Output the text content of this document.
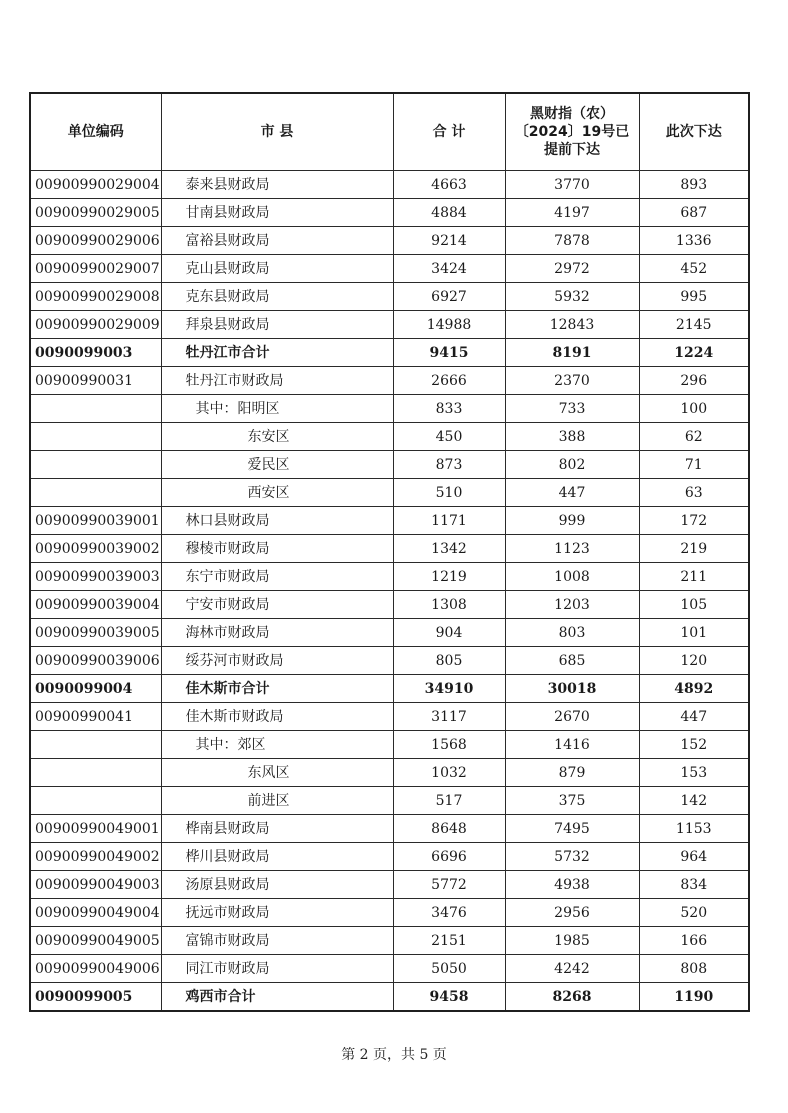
单位编码	市 县	合 计	黑财指（农）〔2024〕19号已提前下达	此次下达
00900990029004	泰来县财政局	4663	3770	893
00900990029005	甘南县财政局	4884	4197	687
00900990029006	富裕县财政局	9214	7878	1336
00900990029007	克山县财政局	3424	2972	452
00900990029008	克东县财政局	6927	5932	995
00900990029009	拜泉县财政局	14988	12843	2145
0090099003	牡丹江市合计	9415	8191	1224
00900990031	牡丹江市财政局	2666	2370	296
	其中：阳明区	833	733	100
	东安区	450	388	62
	爱民区	873	802	71
	西安区	510	447	63
00900990039001	林口县财政局	1171	999	172
00900990039002	穆棱市财政局	1342	1123	219
00900990039003	东宁市财政局	1219	1008	211
00900990039004	宁安市财政局	1308	1203	105
00900990039005	海林市财政局	904	803	101
00900990039006	绥芬河市财政局	805	685	120
0090099004	佳木斯市合计	34910	30018	4892
00900990041	佳木斯市财政局	3117	2670	447
	其中：郊区	1568	1416	152
	东风区	1032	879	153
	前进区	517	375	142
00900990049001	桦南县财政局	8648	7495	1153
00900990049002	桦川县财政局	6696	5732	964
00900990049003	汤原县财政局	5772	4938	834
00900990049004	抚远市财政局	3476	2956	520
00900990049005	富锦市财政局	2151	1985	166
00900990049006	同江市财政局	5050	4242	808
0090099005	鸡西市合计	9458	8268	1190
第 2 页，共 5 页
